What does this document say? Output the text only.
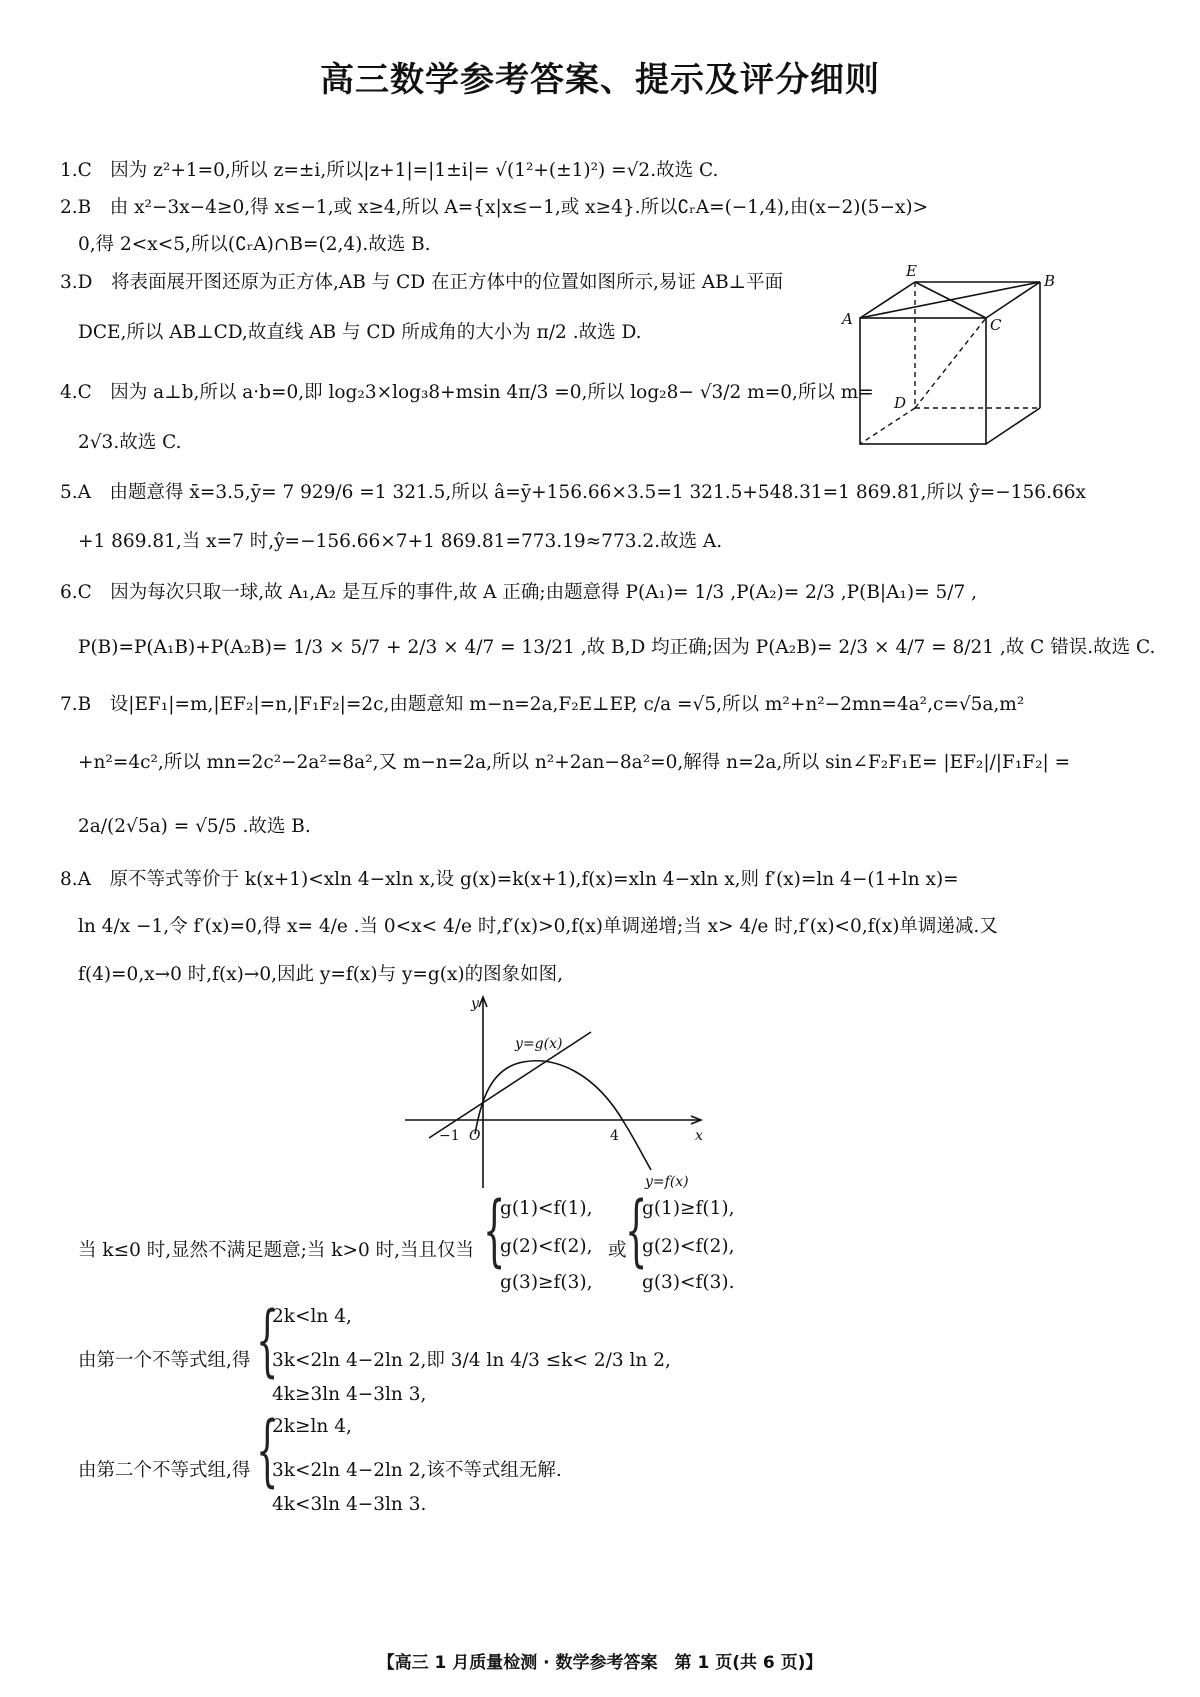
高三数学参考答案、提示及评分细则
1.C　因为 z²+1=0,所以 z=±i,所以|z+1|=|1±i|= √(1²+(±1)²) =√2.故选 C.
2.B　由 x²−3x−4≥0,得 x≤−1,或 x≥4,所以 A={x|x≤−1,或 x≥4}.所以∁ᵣA=(−1,4),由(x−2)(5−x)>
0,得 2<x<5,所以(∁ᵣA)∩B=(2,4).故选 B.
3.D　将表面展开图还原为正方体,AB 与 CD 在正方体中的位置如图所示,易证 AB⊥平面
DCE,所以 AB⊥CD,故直线 AB 与 CD 所成角的大小为 π/2 .故选 D.
4.C　因为 a⊥b,所以 a·b=0,即 log₂3×log₃8+msin 4π/3 =0,所以 log₂8− √3/2 m=0,所以 m=
2√3.故选 C.
5.A　由题意得 x̄=3.5,ȳ= 7 929/6 =1 321.5,所以 â=ȳ+156.66×3.5=1 321.5+548.31=1 869.81,所以 ŷ=−156.66x
+1 869.81,当 x=7 时,ŷ=−156.66×7+1 869.81=773.19≈773.2.故选 A.
6.C　因为每次只取一球,故 A₁,A₂ 是互斥的事件,故 A 正确;由题意得 P(A₁)= 1/3 ,P(A₂)= 2/3 ,P(B|A₁)= 5/7 ,
P(B)=P(A₁B)+P(A₂B)= 1/3 × 5/7 + 2/3 × 4/7 = 13/21 ,故 B,D 均正确;因为 P(A₂B)= 2/3 × 4/7 = 8/21 ,故 C 错误.故选 C.
7.B　设|EF₁|=m,|EF₂|=n,|F₁F₂|=2c,由题意知 m−n=2a,F₂E⊥EP, c/a =√5,所以 m²+n²−2mn=4a²,c=√5a,m²
+n²=4c²,所以 mn=2c²−2a²=8a²,又 m−n=2a,所以 n²+2an−8a²=0,解得 n=2a,所以 sin∠F₂F₁E= |EF₂|/|F₁F₂| =
2a/(2√5a) = √5/5 .故选 B.
8.A　原不等式等价于 k(x+1)<xln 4−xln x,设 g(x)=k(x+1),f(x)=xln 4−xln x,则 f′(x)=ln 4−(1+ln x)=
ln 4/x −1,令 f′(x)=0,得 x= 4/e .当 0<x< 4/e 时,f′(x)>0,f(x)单调递增;当 x> 4/e 时,f′(x)<0,f(x)单调递减.又
f(4)=0,x→0 时,f(x)→0,因此 y=f(x)与 y=g(x)的图象如图,
E
B
A	C
D
y
x
O
−1	4
y=g(x)
y=f(x)
当 k≤0 时,显然不满足题意;当 k>0 时,当且仅当 {
g(1)<f(1),
g(2)<f(2),
g(3)≥f(3),
或
{
g(1)≥f(1),
g(2)<f(2),
g(3)<f(3).
由第一个不等式组,得 {
2k<ln 4,
3k<2ln 4−2ln 2,即 3/4 ln 4/3 ≤k< 2/3 ln 2,
4k≥3ln 4−3ln 3,
由第二个不等式组,得 {
2k≥ln 4,
3k<2ln 4−2ln 2,该不等式组无解.
4k<3ln 4−3ln 3.
【高三 1 月质量检测 · 数学参考答案　第 1 页(共 6 页)】
